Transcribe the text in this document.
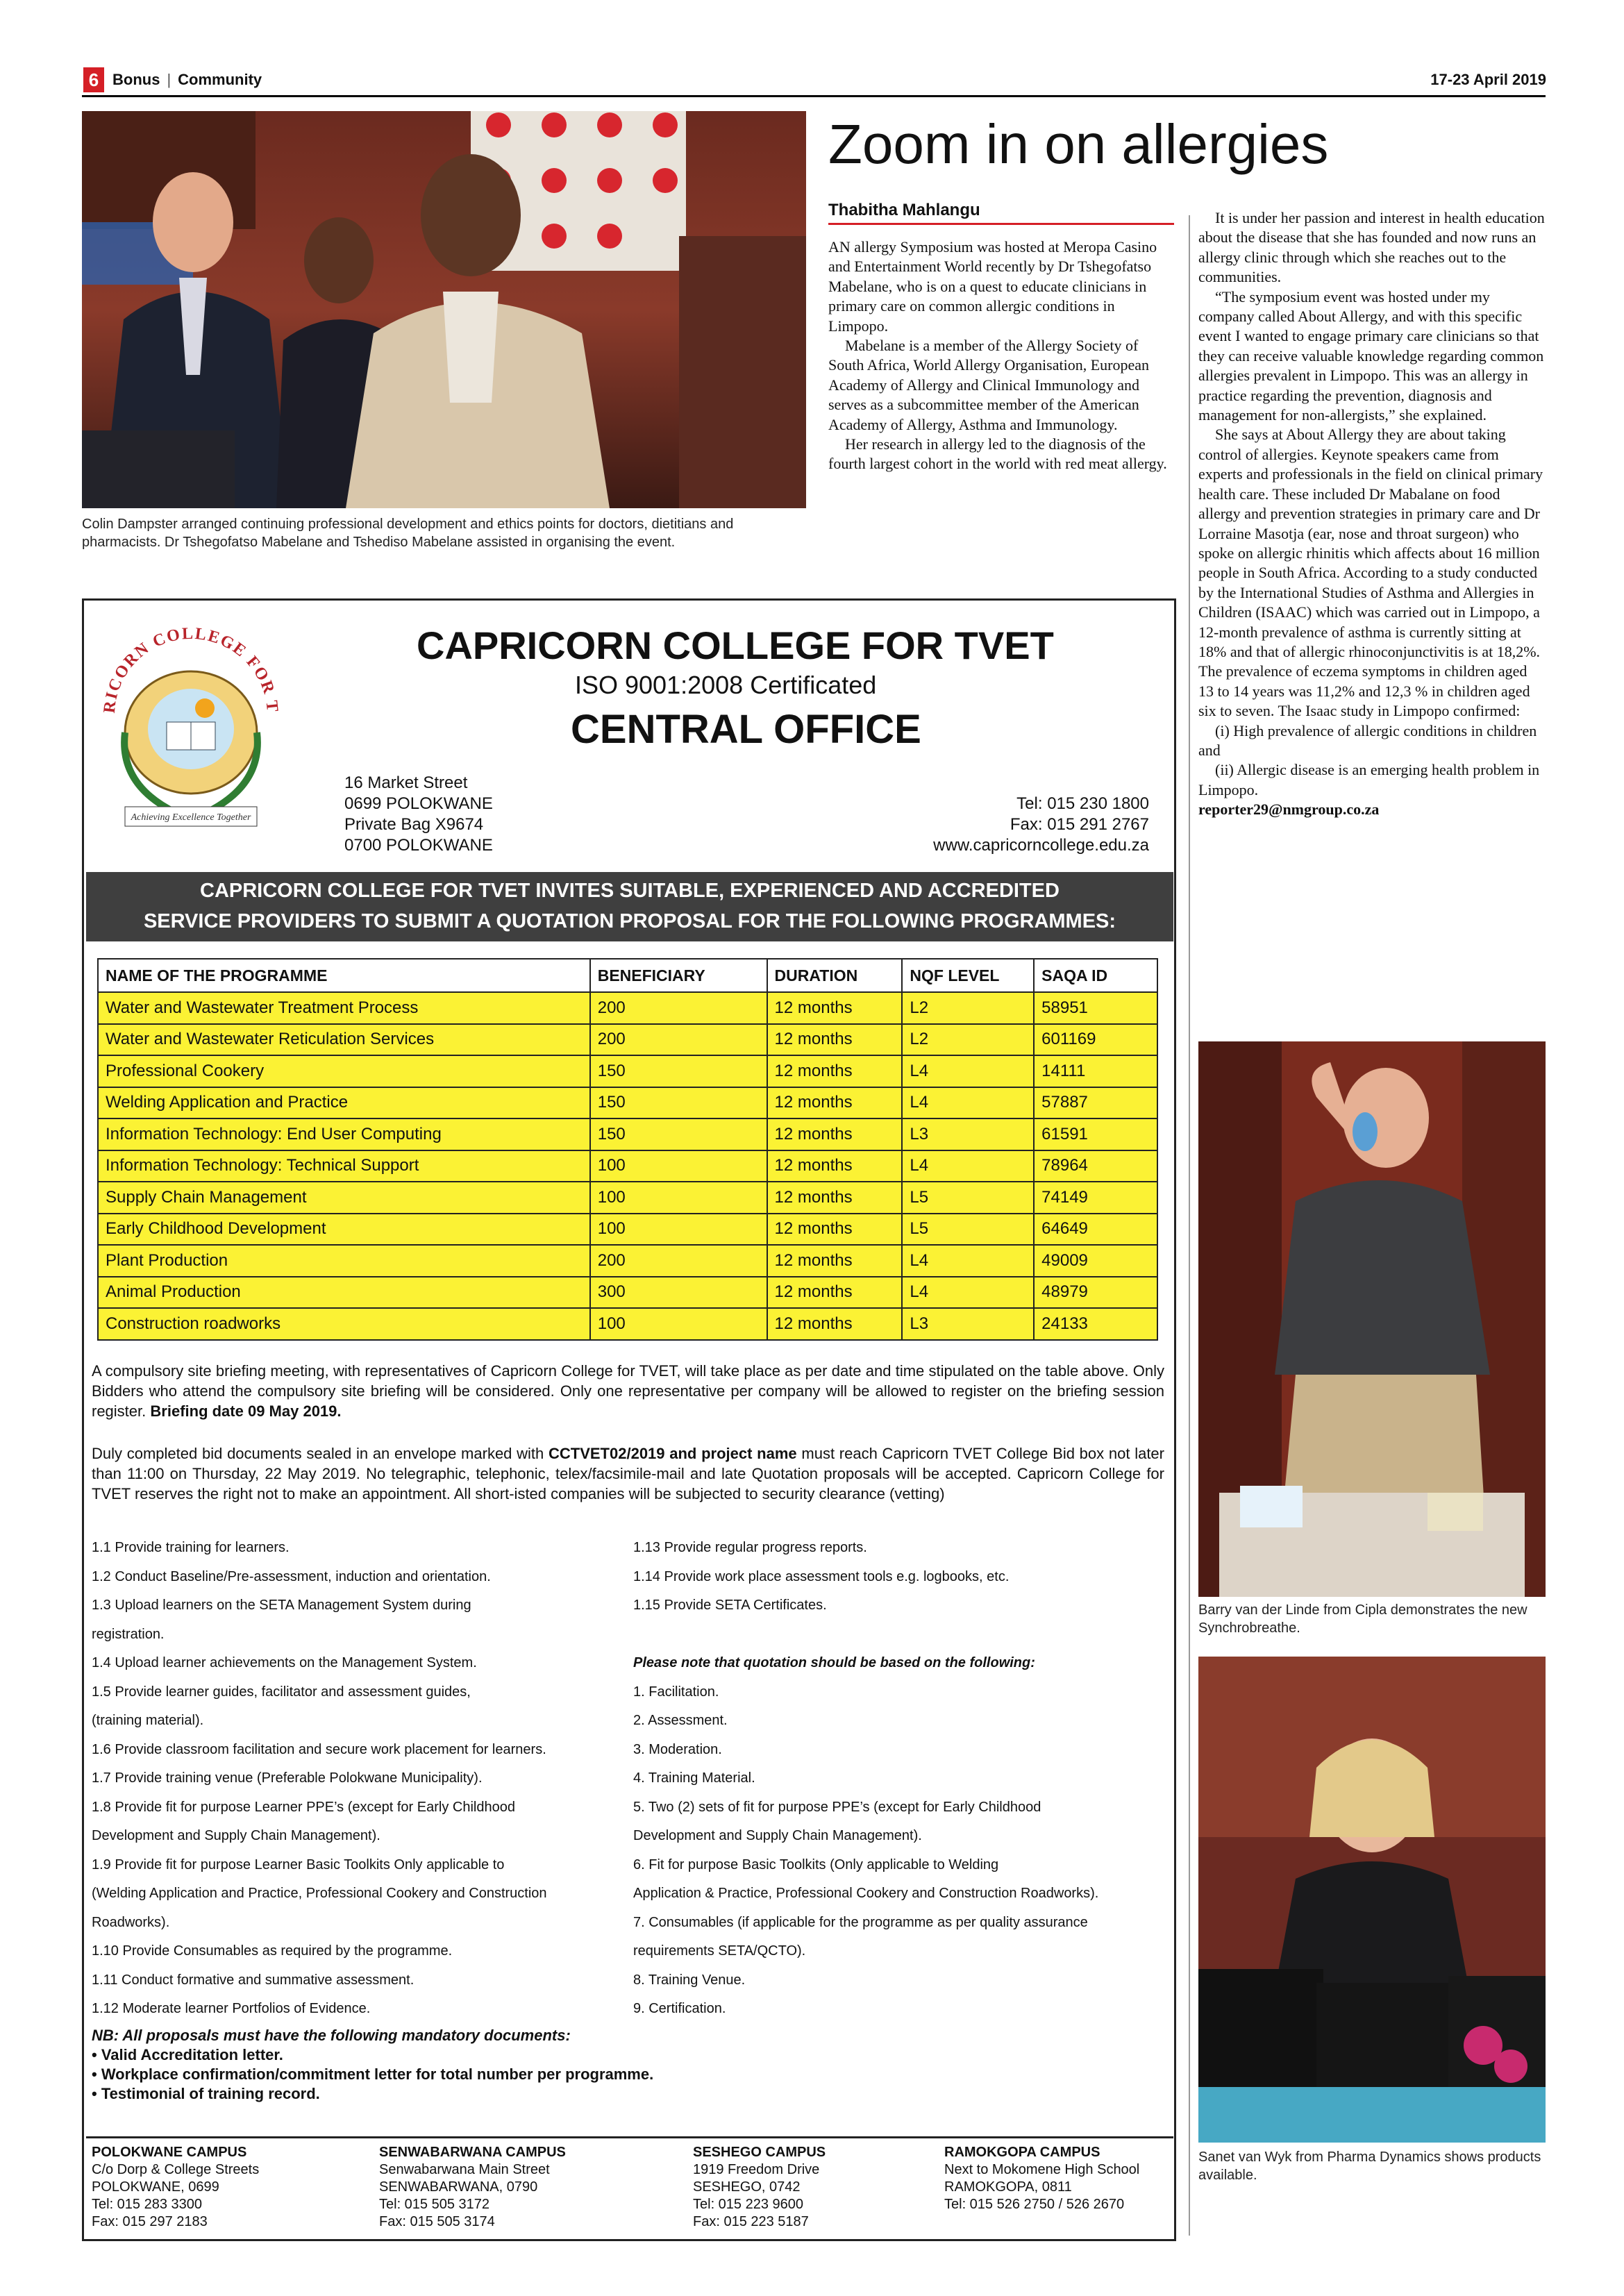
6 Bonus | Community	17-23 April 2019
Colin Dampster arranged continuing professional development and ethics points for doctors, dietitians and pharmacists. Dr Tshegofatso Mabelane and Tshediso Mabelane assisted in organising the event.
Zoom in on allergies
Thabitha Mahlangu

AN allergy Symposium was hosted at Meropa Casino and Entertainment World recently by Dr Tshegofatso Mabelane, who is on a quest to educate clinicians in primary care on common allergic conditions in Limpopo.

Mabelane is a member of the Allergy Society of South Africa, World Allergy Organisation, European Academy of Allergy and Clinical Immunology and serves as a subcommittee member of the American Academy of Allergy, Asthma and Immunology.

Her research in allergy led to the diagnosis of the fourth largest cohort in the world with red meat allergy.

It is under her passion and interest in health education about the disease that she has founded and now runs an allergy clinic through which she reaches out to the communities.

“The symposium event was hosted under my company called About Allergy, and with this specific event I wanted to engage primary care clinicians so that they can receive valuable knowledge regarding common allergies prevalent in Limpopo. This was an allergy in practice regarding the prevention, diagnosis and management for non-allergists,” she explained.

She says at About Allergy they are about taking control of allergies. Keynote speakers came from experts and professionals in the field on clinical primary health care. These included Dr Mabalane on food allergy and prevention strategies in primary care and Dr Lorraine Masotja (ear, nose and throat surgeon) who spoke on allergic rhinitis which affects about 16 million people in South Africa. According to a study conducted by the International Studies of Asthma and Allergies in Children (ISAAC) which was carried out in Limpopo, a 12-month prevalence of asthma is currently sitting at 18% and that of allergic rhinoconjunctivitis is at 18,2%. The prevalence of eczema symptoms in children aged 13 to 14 years was 11,2% and 12,3 % in children aged six to seven. The Isaac study in Limpopo confirmed:

(i) High prevalence of allergic conditions in children and

(ii) Allergic disease is an emerging health problem in Limpopo.

reporter29@nmgroup.co.za

Barry van der Linde from Cipla demonstrates the new Synchrobreathe.
Sanet van Wyk from Pharma Dynamics shows products available.
RICORN COLLEGE FOR T
Achieving Excellence Together
CAPRICORN COLLEGE FOR TVET
ISO 9001:2008 Certificated
CENTRAL OFFICE
16 Market Street
0699 POLOKWANE
Private Bag X9674
0700 POLOKWANE
Tel: 015 230 1800
Fax: 015 291 2767
www.capricorncollege.edu.za
CAPRICORN COLLEGE FOR TVET INVITES SUITABLE, EXPERIENCED AND ACCREDITED
SERVICE PROVIDERS TO SUBMIT A QUOTATION PROPOSAL FOR THE FOLLOWING PROGRAMMES:
NAME OF THE PROGRAMME	BENEFICIARY	DURATION	NQF LEVEL	SAQA ID
Water and Wastewater Treatment Process	200	12 months	L2	58951
Water and Wastewater Reticulation Services	200	12 months	L2	601169
Professional Cookery	150	12 months	L4	14111
Welding Application and Practice	150	12 months	L4	57887
Information Technology: End User Computing	150	12 months	L3	61591
Information Technology: Technical Support	100	12 months	L4	78964
Supply Chain Management	100	12 months	L5	74149
Early Childhood Development	100	12 months	L5	64649
Plant Production	200	12 months	L4	49009
Animal Production	300	12 months	L4	48979
Construction roadworks	100	12 months	L3	24133
A compulsory site briefing meeting, with representatives of Capricorn College for TVET, will take place as per date and time stipulated on the table above. Only Bidders who attend the compulsory site briefing will be considered. Only one representative per company will be allowed to register on the briefing session register. Briefing date 09 May 2019.
Duly completed bid documents sealed in an envelope marked with CCTVET02/2019 and project name must reach Capricorn TVET College Bid box not later than 11:00 on Thursday, 22 May 2019. No telegraphic, telephonic, telex/facsimile-mail and late Quotation proposals will be accepted. Capricorn College for TVET reserves the right not to make an appointment. All short-isted companies will be subjected to security clearance (vetting)
1.1 Provide training for learners.
1.2 Conduct Baseline/Pre-assessment, induction and orientation.
1.3 Upload learners on the SETA Management System during
registration.
1.4 Upload learner achievements on the Management System.
1.5 Provide learner guides, facilitator and assessment guides,
(training material).
1.6 Provide classroom facilitation and secure work placement for learners.
1.7 Provide training venue (Preferable Polokwane Municipality).
1.8 Provide fit for purpose Learner PPE’s (except for Early Childhood
Development and Supply Chain Management).
1.9 Provide fit for purpose Learner Basic Toolkits Only applicable to
(Welding Application and Practice, Professional Cookery and Construction
Roadworks).
1.10 Provide Consumables as required by the programme.
1.11 Conduct formative and summative assessment.
1.12 Moderate learner Portfolios of Evidence.
1.13 Provide regular progress reports.
1.14 Provide work place assessment tools e.g. logbooks, etc.
1.15 Provide SETA Certificates.
Please note that quotation should be based on the following:
1. Facilitation.
2. Assessment.
3. Moderation.
4. Training Material.
5. Two (2) sets of fit for purpose PPE’s (except for Early Childhood
Development and Supply Chain Management).
6. Fit for purpose Basic Toolkits (Only applicable to Welding
Application & Practice, Professional Cookery and Construction Roadworks).
7. Consumables (if applicable for the programme as per quality assurance
requirements SETA/QCTO).
8. Training Venue.
9. Certification.
NB: All proposals must have the following mandatory documents:
• Valid Accreditation letter.
• Workplace confirmation/commitment letter for total number per programme.
• Testimonial of training record.
POLOKWANE CAMPUS
C/o Dorp & College Streets
POLOKWANE, 0699
Tel: 015 283 3300
Fax: 015 297 2183
SENWABARWANA CAMPUS
Senwabarwana Main Street
SENWABARWANA, 0790
Tel: 015 505 3172
Fax: 015 505 3174
SESHEGO CAMPUS
1919 Freedom Drive
SESHEGO, 0742
Tel: 015 223 9600
Fax: 015 223 5187
RAMOKGOPA CAMPUS
Next to Mokomene High School
RAMOKGOPA, 0811
Tel: 015 526 2750 / 526 2670
